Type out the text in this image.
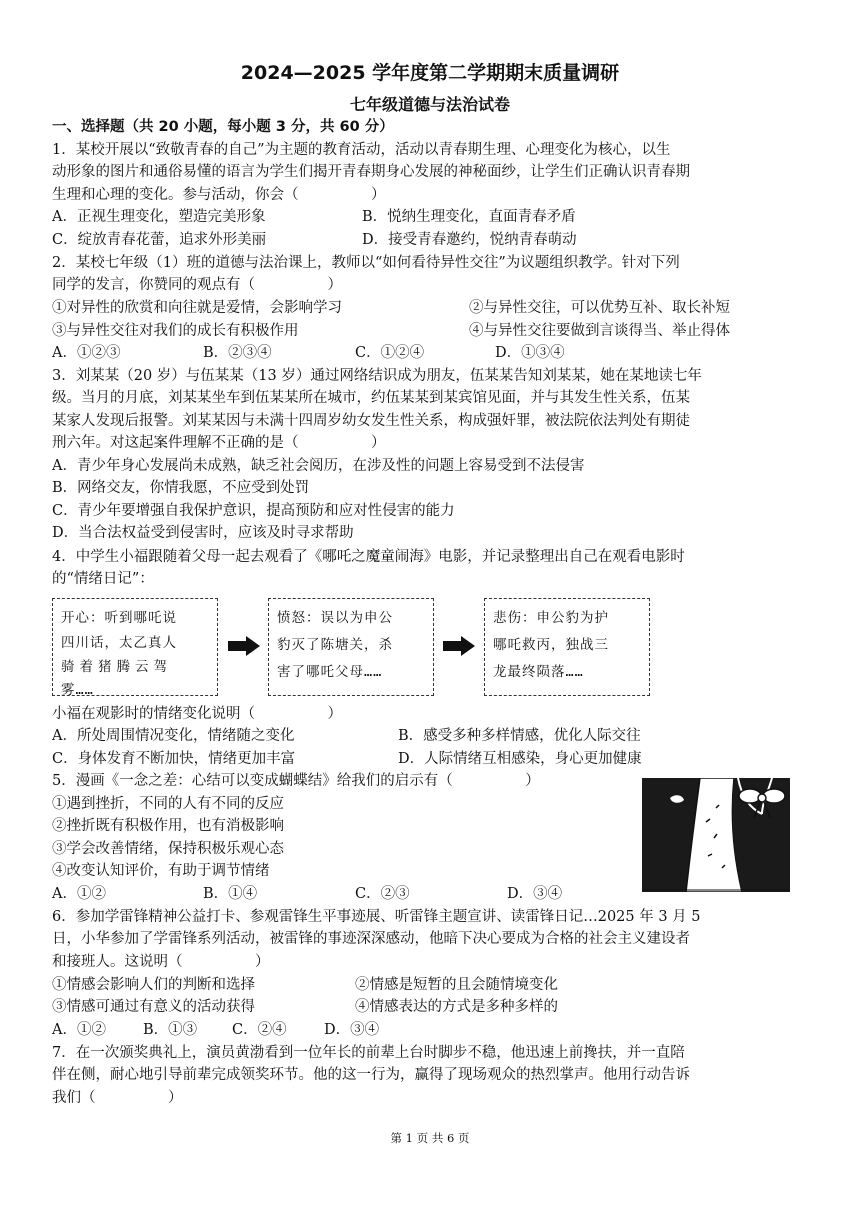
2024—2025 学年度第二学期期末质量调研
七年级道德与法治试卷
一、选择题（共 20 小题，每小题 3 分，共 60 分）
1．某校开展以“致敬青春的自己”为主题的教育活动，活动以青春期生理、心理变化为核心，以生
动形象的图片和通俗易懂的语言为学生们揭开青春期身心发展的神秘面纱，让学生们正确认识青春期
生理和心理的变化。参与活动，你会（　　　　　）
A．正视生理变化，塑造完美形象	B．悦纳生理变化，直面青春矛盾
C．绽放青春花蕾，追求外形美丽	D．接受青春邀约，悦纳青春萌动
2．某校七年级（1）班的道德与法治课上，教师以“如何看待异性交往”为议题组织教学。针对下列
同学的发言，你赞同的观点有（　　　　　）
①对异性的欣赏和向往就是爱情，会影响学习	②与异性交往，可以优势互补、取长补短
③与异性交往对我们的成长有积极作用	④与异性交往要做到言谈得当、举止得体
A．①②③	B．②③④	C．①②④	D．①③④
3．刘某某（20 岁）与伍某某（13 岁）通过网络结识成为朋友，伍某某告知刘某某，她在某地读七年
级。当月的月底，刘某某坐车到伍某某所在城市，约伍某某到某宾馆见面，并与其发生性关系，伍某
某家人发现后报警。刘某某因与未满十四周岁幼女发生性关系，构成强奸罪，被法院依法判处有期徒
刑六年。对这起案件理解不正确的是（　　　　　）
A．青少年身心发展尚未成熟，缺乏社会阅历，在涉及性的问题上容易受到不法侵害
B．网络交友，你情我愿，不应受到处罚
C．青少年要增强自我保护意识，提高预防和应对性侵害的能力
D．当合法权益受到侵害时，应该及时寻求帮助
4．中学生小福跟随着父母一起去观看了《哪吒之魔童闹海》电影，并记录整理出自己在观看电影时
的“情绪日记”：
开心：听到哪吒说
四川话，太乙真人
骑着猪腾云驾
雾……
愤怒：误以为申公
豹灭了陈塘关，杀
害了哪吒父母……
悲伤：申公豹为护
哪吒救丙，独战三
龙最终陨落……
小福在观影时的情绪变化说明（　　　　　）
A．所处周围情况变化，情绪随之变化	B．感受多种多样情感，优化人际交往
C．身体发育不断加快，情绪更加丰富	D．人际情绪互相感染，身心更加健康
5．漫画《一念之差：心结可以变成蝴蝶结》给我们的启示有（　　　　　）
①遇到挫折，不同的人有不同的反应
②挫折既有积极作用，也有消极影响
③学会改善情绪，保持积极乐观心态
④改变认知评价，有助于调节情绪
A．①②	B．①④	C．②③	D．③④
6．参加学雷锋精神公益打卡、参观雷锋生平事迹展、听雷锋主题宣讲、读雷锋日记…2025 年 3 月 5
日，小华参加了学雷锋系列活动，被雷锋的事迹深深感动，他暗下决心要成为合格的社会主义建设者
和接班人。这说明（　　　　　）
①情感会影响人们的判断和选择	②情感是短暂的且会随情境变化
③情感可通过有意义的活动获得	④情感表达的方式是多种多样的
A．①②	B．①③ C．②④	D．③④
7．在一次颁奖典礼上，演员黄渤看到一位年长的前辈上台时脚步不稳，他迅速上前搀扶，并一直陪
伴在侧，耐心地引导前辈完成领奖环节。他的这一行为，赢得了现场观众的热烈掌声。他用行动告诉
我们（　　　　　）
第 1 页 共 6 页
